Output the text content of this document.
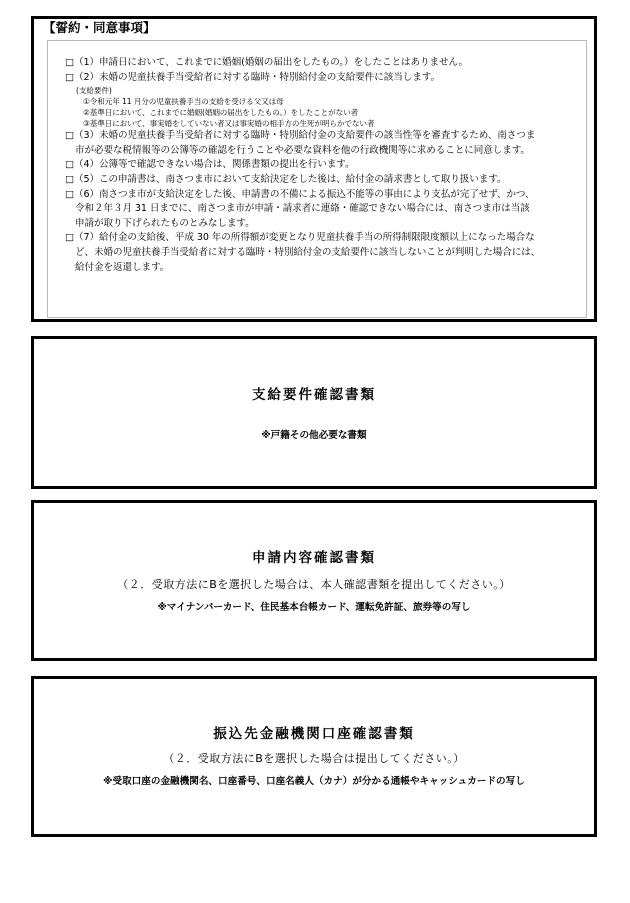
【誓約・同意事項】
□（1）申請日において、これまでに婚姻(婚姻の届出をしたもの。）をしたことはありません。
□（2）未婚の児童扶養手当受給者に対する臨時・特別給付金の支給要件に該当します。
(支給要件)
①令和元年 11 月分の児童扶養手当の支給を受ける父又は母
②基準日において、これまでに婚姻(婚姻の届出をしたもの。）をしたことがない者
③基準日において、事実婚をしていない者又は事実婚の相手方の生死が明らかでない者
□（3）未婚の児童扶養手当受給者に対する臨時・特別給付金の支給要件の該当性等を審査するため、南さつま
市が必要な税情報等の公簿等の確認を行うことや必要な資料を他の行政機関等に求めることに同意します。
□（4）公簿等で確認できない場合は、関係書類の提出を行います。
□（5）この申請書は、南さつま市において支給決定をした後は、給付金の請求書として取り扱います。
□（6）南さつま市が支給決定をした後、申請書の不備による振込不能等の事由により支払が完了せず、かつ、
令和２年３月 31 日までに、南さつま市が申請・請求者に連絡・確認できない場合には、南さつま市は当該
申請が取り下げられたものとみなします。
□（7）給付金の支給後、平成 30 年の所得額が変更となり児童扶養手当の所得制限限度額以上になった場合な
ど、未婚の児童扶養手当受給者に対する臨時・特別給付金の支給要件に該当しないことが判明した場合には、
給付金を返還します。
支給要件確認書類
※戸籍その他必要な書類
申請内容確認書類
（２．受取方法にBを選択した場合は、本人確認書類を提出してください。）
※マイナンバーカード、住民基本台帳カード、運転免許証、旅券等の写し
振込先金融機関口座確認書類
（２．受取方法にBを選択した場合は提出してください。）
※受取口座の金融機関名、口座番号、口座名義人（カナ）が分かる通帳やキャッシュカードの写し
